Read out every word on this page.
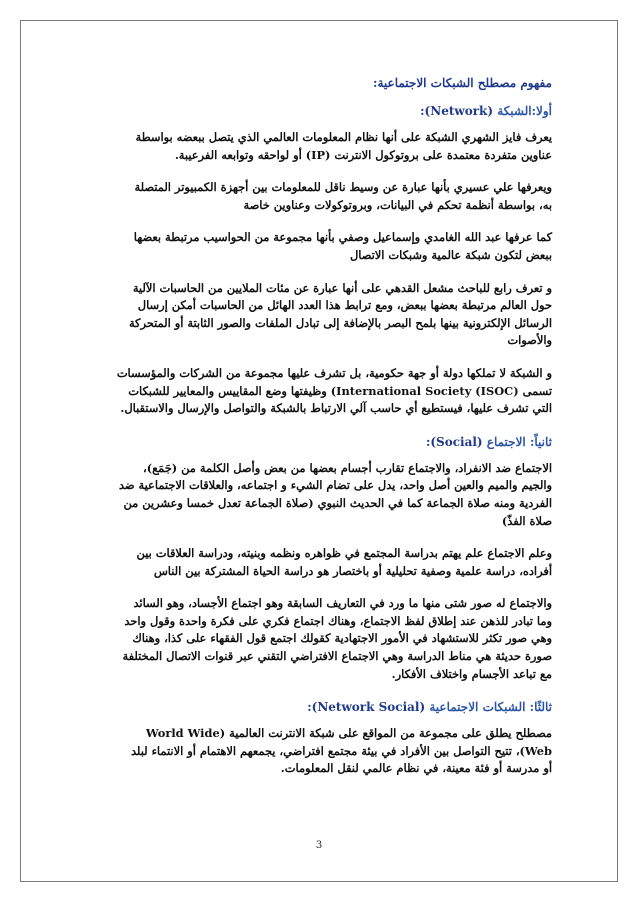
مفهوم مصطلح الشبكات الاجتماعية:
أولا:الشبكة (Network):
يعرف فايز الشهري الشبكة على أنها نظام المعلومات العالمي الذي يتصل ببعضه بواسطة
عناوين متفردة معتمدة على بروتوكول الانترنت (IP) أو لواحقه وتوابعه الفرعيبة.
ويعرفها علي عسيري بأنها عبارة عن وسيط ناقل للمعلومات بين أجهزة الكمبيوتر المتصلة
به، بواسطة أنظمة تحكم في البيانات، وبروتوكولات وعناوين خاصة
كما عرفها عبد الله الغامدي وإسماعيل وصفي بأنها مجموعة من الحواسيب مرتبطة بعضها
ببعض لتكون شبكة عالمية وشبكات الاتصال
و تعرف رابع للباحث مشعل القدهي على أنها عبارة عن مئات الملايين من الحاسبات الآلية
حول العالم مرتبطة بعضها ببعض، ومع ترابط هذا العدد الهائل من الحاسبات أمكن إرسال
الرسائل الإلكترونية بينها بلمح البصر بالإضافة إلى تبادل الملفات والصور الثابتة أو المتحركة
والأصوات
و الشبكة لا تملكها دولة أو جهة حكومية، بل تشرف عليها مجموعة من الشركات والمؤسسات
تسمى (ISOC) International Society) وظيفتها وضع المقاييس والمعايير للشبكات
التي تشرف عليها، فيستطيع أي حاسب آلي الارتباط بالشبكة والتواصل والإرسال والاستقبال.
ثانياً: الاجتماع (Social):
الاجتماع ضد الانفراد، والاجتماع تقارب أجسام بعضها من بعض وأصل الكلمة من (جَمَع)،
والجيم والميم والعين أصل واحد، يدل على تضام الشيء و اجتماعه، والعلاقات الاجتماعية ضد
الفردية ومنه صلاة الجماعة كما في الحديث النبوي (صلاة الجماعة تعدل خمسا وعشرين من
صلاة الفذّ)
وعلم الاجتماع علم يهتم بدراسة المجتمع في ظواهره ونظمه وبنيته، ودراسة العلاقات بين
أفراده، دراسة علمية وصفية تحليلية أو باختصار هو دراسة الحياة المشتركة بين الناس
والاجتماع له صور شتى منها ما ورد في التعاريف السابقة وهو اجتماع الأجساد، وهو السائد
وما تبادر للذهن عند إطلاق لفظ الاجتماع، وهناك اجتماع فكري على فكرة واحدة وقول واحد
وهي صور تكثر للاستشهاد في الأمور الاجتهادية كقولك اجتمع قول الفقهاء على كذا، وهناك
صورة حديثة هي مناط الدراسة وهي الاجتماع الافتراضي التقني عبر قنوات الاتصال المختلفة
مع تباعد الأجسام واختلاف الأفكار.
ثالثًا: الشبكات الاجتماعية (Network Social):
مصطلح يطلق على مجموعة من المواقع على شبكة الانترنت العالمية (World Wide
Web)، تتيح التواصل بين الأفراد في بيئة مجتمع افتراضي، يجمعهم الاهتمام أو الانتماء لبلد
أو مدرسة أو فئة معينة، في نظام عالمي لنقل المعلومات.
3
